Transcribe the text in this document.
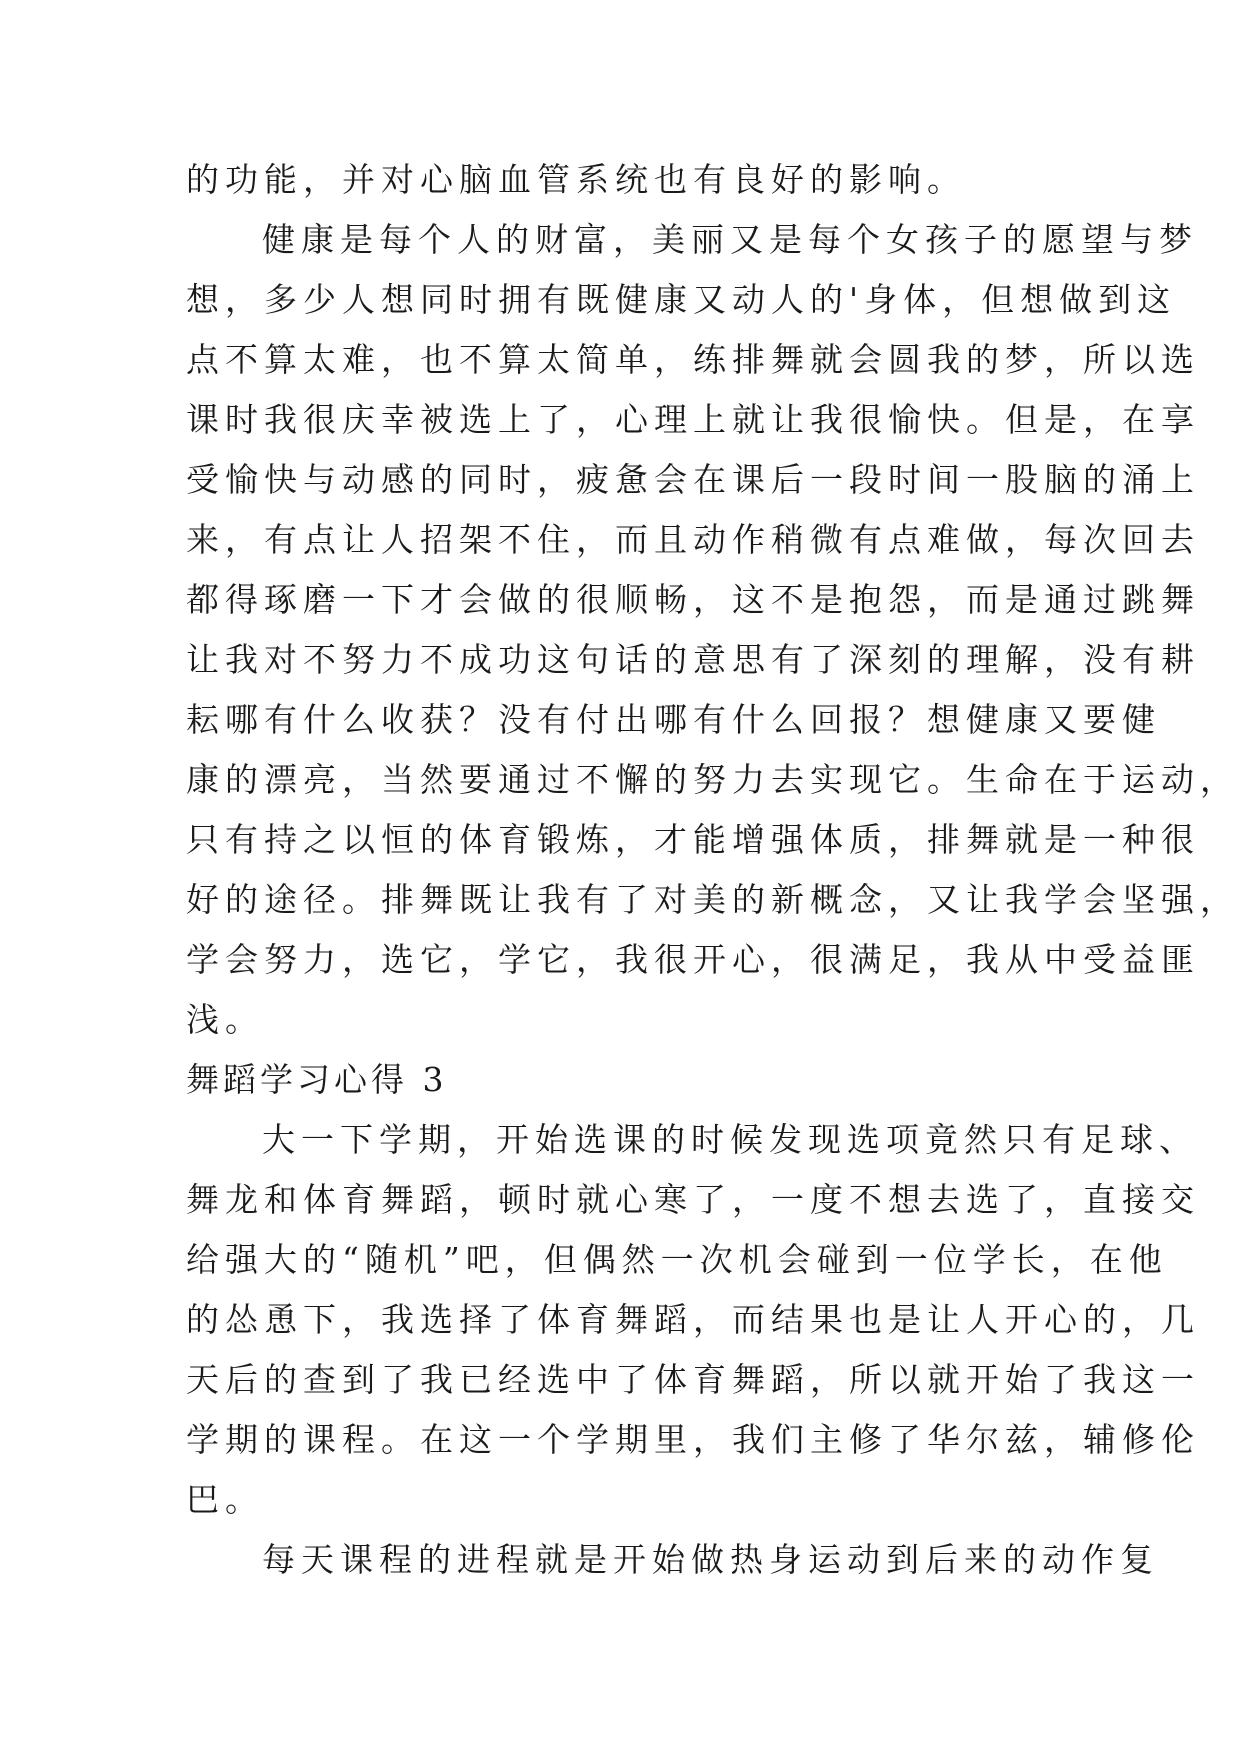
的功能，并对心脑血管系统也有良好的影响。
健康是每个人的财富，美丽又是每个女孩子的愿望与梦
想，多少人想同时拥有既健康又动人的'身体，但想做到这
点不算太难，也不算太简单，练排舞就会圆我的梦，所以选
课时我很庆幸被选上了，心理上就让我很愉快。但是，在享
受愉快与动感的同时，疲惫会在课后一段时间一股脑的涌上
来，有点让人招架不住，而且动作稍微有点难做，每次回去
都得琢磨一下才会做的很顺畅，这不是抱怨，而是通过跳舞
让我对不努力不成功这句话的意思有了深刻的理解，没有耕
耘哪有什么收获？没有付出哪有什么回报？想健康又要健
康的漂亮，当然要通过不懈的努力去实现它。生命在于运动，
只有持之以恒的体育锻炼，才能增强体质，排舞就是一种很
好的途径。排舞既让我有了对美的新概念，又让我学会坚强，
学会努力，选它，学它，我很开心，很满足，我从中受益匪
浅。
舞蹈学习心得 3
大一下学期，开始选课的时候发现选项竟然只有足球、
舞龙和体育舞蹈，顿时就心寒了，一度不想去选了，直接交
给强大的“随机”吧，但偶然一次机会碰到一位学长，在他
的怂恿下，我选择了体育舞蹈，而结果也是让人开心的，几
天后的查到了我已经选中了体育舞蹈，所以就开始了我这一
学期的课程。在这一个学期里，我们主修了华尔兹，辅修伦
巴。
每天课程的进程就是开始做热身运动到后来的动作复
